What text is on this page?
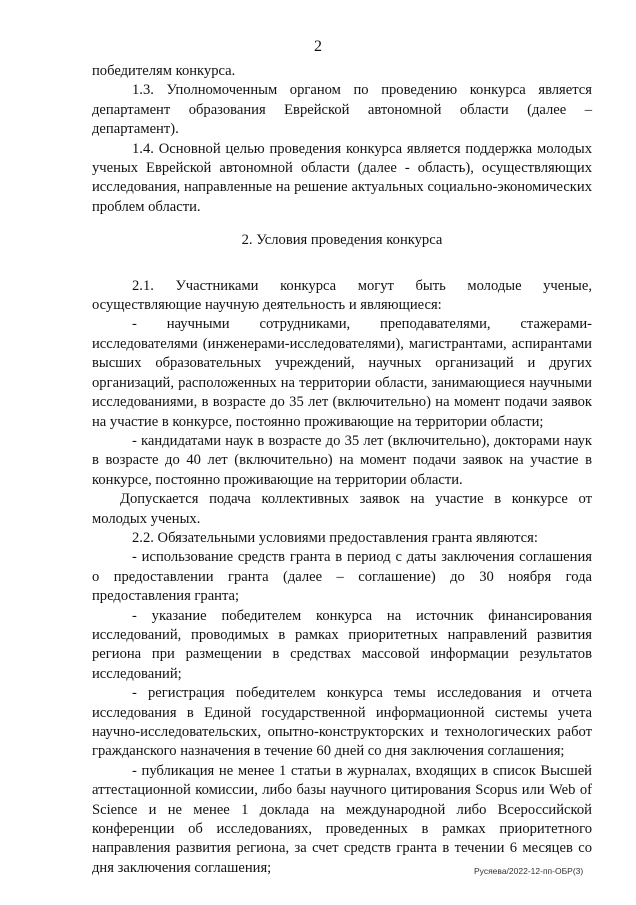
2

победителям конкурса.

1.3. Уполномоченным органом по проведению конкурса является департамент образования Еврейской автономной области (далее – департамент).

1.4. Основной целью проведения конкурса является поддержка молодых ученых Еврейской автономной области (далее - область), осуществляющих исследования, направленные на решение актуальных социально-экономических проблем области.

2. Условия проведения конкурса

2.1. Участниками конкурса могут быть молодые ученые, осуществляющие научную деятельность и являющиеся:

- научными сотрудниками, преподавателями, стажерами-исследователями (инженерами-исследователями), магистрантами, аспирантами высших образовательных учреждений, научных организаций и других организаций, расположенных на территории области, занимающиеся научными исследованиями, в возрасте до 35 лет (включительно) на момент подачи заявок на участие в конкурсе, постоянно проживающие на территории области;

- кандидатами наук в возрасте до 35 лет (включительно), докторами наук в возрасте до 40 лет (включительно) на момент подачи заявок на участие в конкурсе, постоянно проживающие на территории области.

Допускается подача коллективных заявок на участие в конкурсе от молодых ученых.

2.2. Обязательными условиями предоставления гранта являются:

- использование средств гранта в период с даты заключения соглашения о предоставлении гранта (далее – соглашение) до 30 ноября года предоставления гранта;

- указание победителем конкурса на источник финансирования исследований, проводимых в рамках приоритетных направлений развития региона при размещении в средствах массовой информации результатов исследований;

- регистрация победителем конкурса темы исследования и отчета исследования в Единой государственной информационной системы учета научно-исследовательских, опытно-конструкторских и технологических работ гражданского назначения в течение 60 дней со дня заключения соглашения;

- публикация не менее 1 статьи в журналах, входящих в список Высшей аттестационной комиссии, либо базы научного цитирования Scopus или Web of Science и не менее 1 доклада на международной либо Всероссийской конференции об исследованиях, проведенных в рамках приоритетного направления развития региона, за счет средств гранта в течении 6 месяцев со дня заключения соглашения;	Русяева/2022-12-пп-ОБР(3)
